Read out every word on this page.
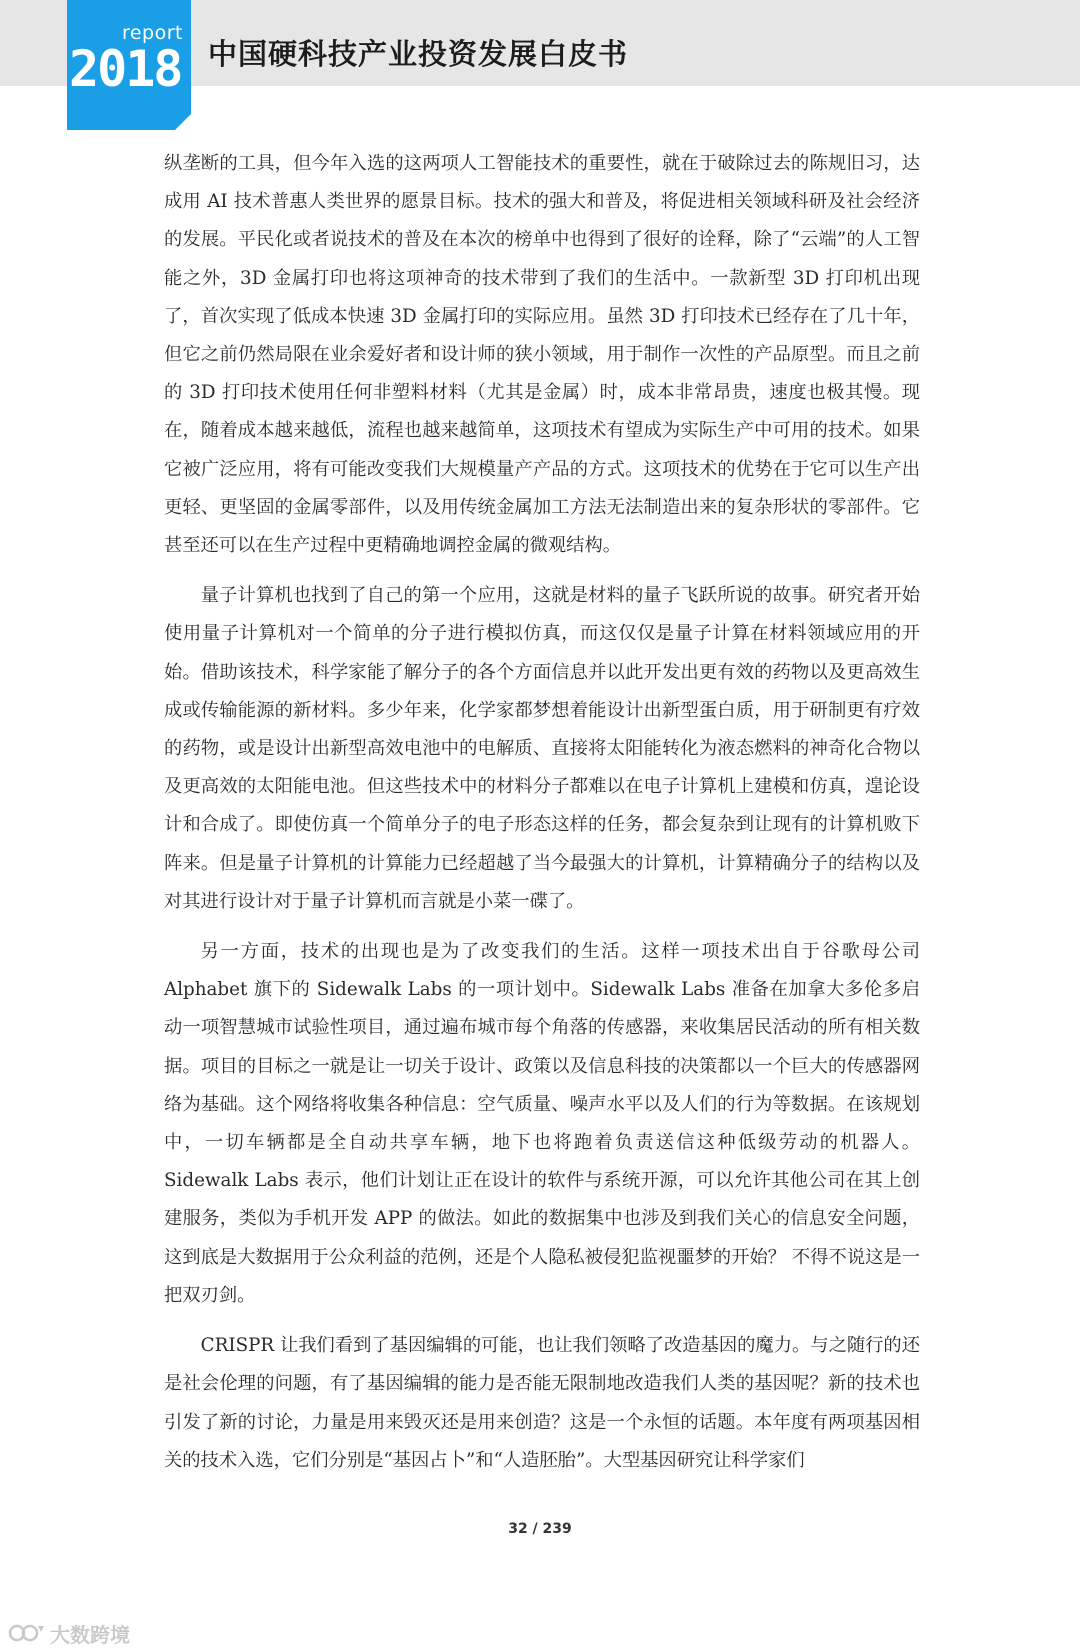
report
2018 中国硬科技产业投资发展白皮书

纵垄断的工具，但今年入选的这两项人工智能技术的重要性，就在于破除过去的陈规旧习，达成用 AI 技术普惠人类世界的愿景目标。技术的强大和普及，将促进相关领域科研及社会经济的发展。平民化或者说技术的普及在本次的榜单中也得到了很好的诠释，除了“云端”的人工智能之外，3D 金属打印也将这项神奇的技术带到了我们的生活中。一款新型 3D 打印机出现了，首次实现了低成本快速 3D 金属打印的实际应用。虽然 3D 打印技术已经存在了几十年，但它之前仍然局限在业余爱好者和设计师的狭小领域，用于制作一次性的产品原型。而且之前的 3D 打印技术使用任何非塑料材料（尤其是金属）时，成本非常昂贵，速度也极其慢。现在，随着成本越来越低，流程也越来越简单，这项技术有望成为实际生产中可用的技术。如果它被广泛应用，将有可能改变我们大规模量产产品的方式。这项技术的优势在于它可以生产出更轻、更坚固的金属零部件，以及用传统金属加工方法无法制造出来的复杂形状的零部件。它甚至还可以在生产过程中更精确地调控金属的微观结构。

量子计算机也找到了自己的第一个应用，这就是材料的量子飞跃所说的故事。研究者开始使用量子计算机对一个简单的分子进行模拟仿真，而这仅仅是量子计算在材料领域应用的开始。借助该技术，科学家能了解分子的各个方面信息并以此开发出更有效的药物以及更高效生成或传输能源的新材料。多少年来，化学家都梦想着能设计出新型蛋白质，用于研制更有疗效的药物，或是设计出新型高效电池中的电解质、直接将太阳能转化为液态燃料的神奇化合物以及更高效的太阳能电池。但这些技术中的材料分子都难以在电子计算机上建模和仿真，遑论设计和合成了。即使仿真一个简单分子的电子形态这样的任务，都会复杂到让现有的计算机败下阵来。但是量子计算机的计算能力已经超越了当今最强大的计算机，计算精确分子的结构以及对其进行设计对于量子计算机而言就是小菜一碟了。

另一方面，技术的出现也是为了改变我们的生活。这样一项技术出自于谷歌母公司 Alphabet 旗下的 Sidewalk Labs 的一项计划中。Sidewalk Labs 准备在加拿大多伦多启动一项智慧城市试验性项目，通过遍布城市每个角落的传感器，来收集居民活动的所有相关数据。项目的目标之一就是让一切关于设计、政策以及信息科技的决策都以一个巨大的传感器网络为基础。这个网络将收集各种信息：空气质量、噪声水平以及人们的行为等数据。在该规划中，一切车辆都是全自动共享车辆，地下也将跑着负责送信这种低级劳动的机器人。Sidewalk Labs 表示，他们计划让正在设计的软件与系统开源，可以允许其他公司在其上创建服务，类似为手机开发 APP 的做法。如此的数据集中也涉及到我们关心的信息安全问题，这到底是大数据用于公众利益的范例，还是个人隐私被侵犯监视噩梦的开始？ 不得不说这是一把双刃剑。

CRISPR 让我们看到了基因编辑的可能，也让我们领略了改造基因的魔力。与之随行的还是社会伦理的问题，有了基因编辑的能力是否能无限制地改造我们人类的基因呢？新的技术也引发了新的讨论，力量是用来毁灭还是用来创造？这是一个永恒的话题。本年度有两项基因相关的技术入选，它们分别是“基因占卜”和“人造胚胎”。大型基因研究让科学家们

32 / 239
大数跨境
